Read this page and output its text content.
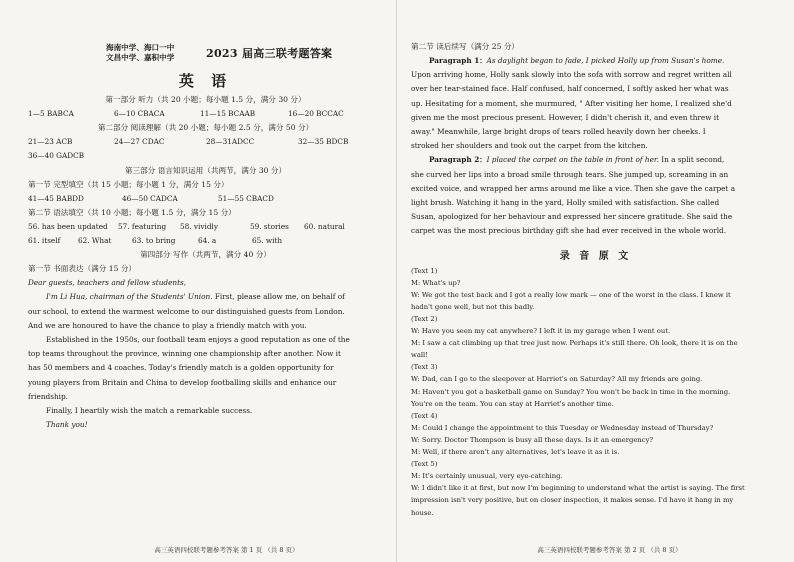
海南中学、海口一中
文昌中学、嘉积中学	2023 届高三联考题答案
英 语
第一部分 听力（共 20 小题；每小题 1.5 分，满分 30 分）
1—5 BABCA	6—10 CBACA	11—15 BCAAB	16—20 BCCAC
第二部分 阅读理解（共 20 小题；每小题 2.5 分，满分 50 分）
21—23 ACB	24—27 CDAC	28—31ADCC	32—35 BDCB
36—40 GADCB
第三部分 语言知识运用（共两节，满分 30 分）
第一节 完型填空（共 15 小题；每小题 1 分，满分 15 分）
41—45 BABDD	46—50 CADCA	51—55 CBACD
第二节 语法填空（共 10 小题；每小题 1.5 分，满分 15 分）
56. has been updated 57. featuring 58. vividly	59. stories 60. natural
61. itself 62. What	63. to bring	64. a	65. with
第四部分 写作（共两节，满分 40 分）
第一节 书面表达（满分 15 分）
Dear guests, teachers and fellow students,
I'm Li Hua, chairman of the Students' Union. First, please allow me, on behalf of
our school, to extend the warmest welcome to our distinguished guests from London.
And we are honoured to have the chance to play a friendly match with you.
Established in the 1950s, our football team enjoys a good reputation as one of the
top teams throughout the province, winning one championship after another. Now it
has 50 members and 4 coaches. Today's friendly match is a golden opportunity for
young players from Britain and China to develop footballing skills and enhance our
friendship.
Finally, I heartily wish the match a remarkable success.
Thank you!
高三英语四校联考题参考答案 第 1 页 （共 8 页）
第二节 读后续写（满分 25 分）
Paragraph 1：As daylight began to fade, I picked Holly up from Susan's home.
Upon arriving home, Holly sank slowly into the sofa with sorrow and regret written all
over her tear-stained face. Half confused, half concerned, I softly asked her what was
up. Hesitating for a moment, she murmured, " After visiting her home, I realized she'd
given me the most precious present. However, I didn't cherish it, and even threw it
away." Meanwhile, large bright drops of tears rolled heavily down her cheeks. I
stroked her shoulders and took out the carpet from the kitchen.
Paragraph 2：I placed the carpet on the table in front of her. In a split second,
she curved her lips into a broad smile through tears. She jumped up, screaming in an
excited voice, and wrapped her arms around me like a vice. Then she gave the carpet a
light brush. Watching it hang in the yard, Holly smiled with satisfaction. She called
Susan, apologized for her behaviour and expressed her sincere gratitude. She said the
carpet was the most precious birthday gift she had ever received in the whole world.
录 音 原 文
(Text 1)
M: What's up?
W: We got the test back and I got a really low mark — one of the worst in the class. I knew it
hadn't gone well, but not this badly.
(Text 2)
W: Have you seen my cat anywhere? I left it in my garage when I went out.
M: I saw a cat climbing up that tree just now. Perhaps it's still there. Oh look, there it is on the
wall!
(Text 3)
W: Dad, can I go to the sleepover at Harriet's on Saturday? All my friends are going.
M: Haven't you got a basketball game on Sunday? You won't be back in time in the morning.
You're on the team. You can stay at Harriet's another time.
(Text 4)
M: Could I change the appointment to this Tuesday or Wednesday instead of Thursday?
W: Sorry. Doctor Thompson is busy all these days. Is it an emergency?
M: Well, if there aren't any alternatives, let's leave it as it is.
(Text 5)
M: It's certainly unusual, very eye-catching.
W: I didn't like it at first, but now I'm beginning to understand what the artist is saying. The first
impression isn't very positive, but on closer inspection, it makes sense. I'd have it hang in my
house.
高三英语四校联考题参考答案 第 2 页 （共 8 页）
